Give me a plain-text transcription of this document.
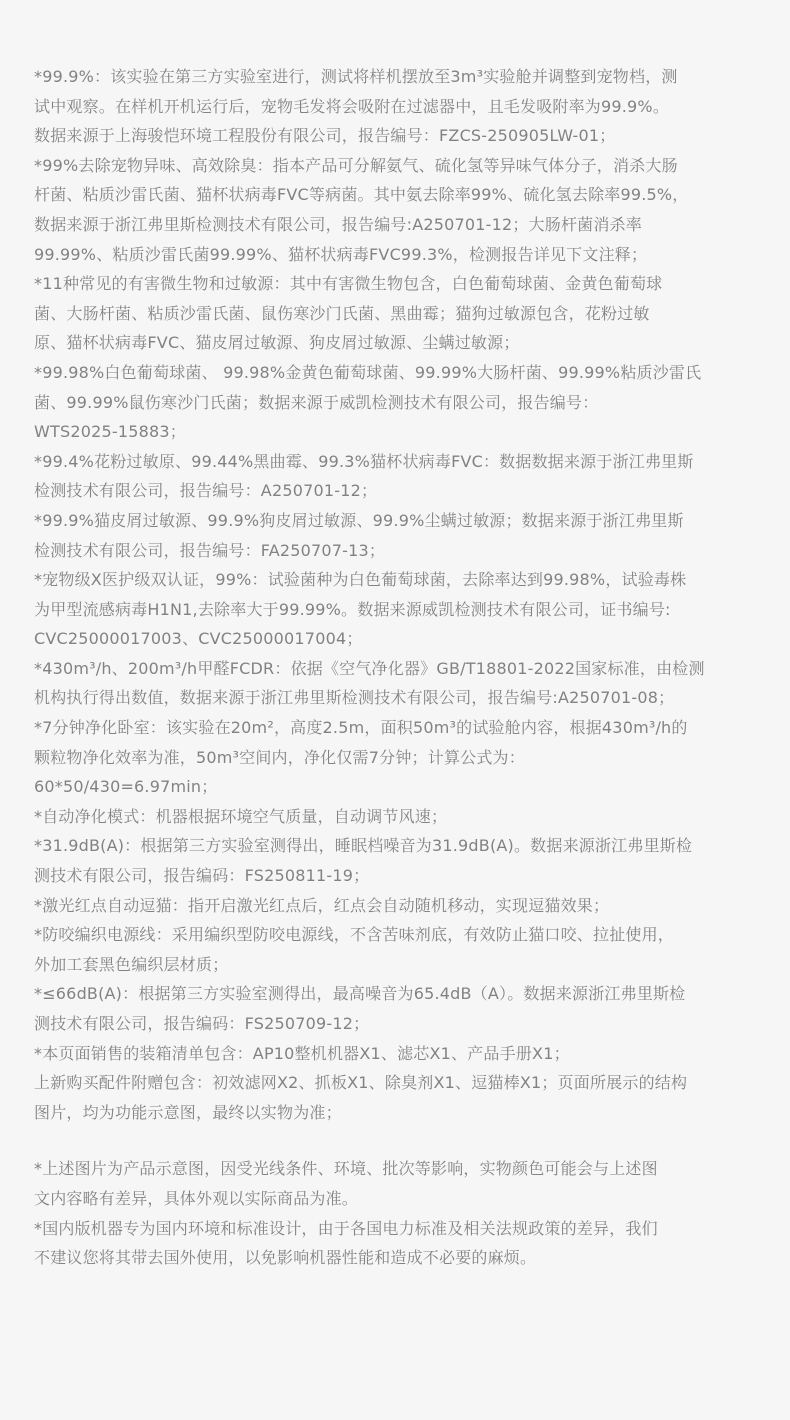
*99.9%：该实验在第三方实验室进行，测试将样机摆放至3m³实验舱并调整到宠物档，测
试中观察。在样机开机运行后，宠物毛发将会吸附在过滤器中，且毛发吸附率为99.9%。
数据来源于上海骏恺环境工程股份有限公司，报告编号：FZCS-250905LW-01；

*99%去除宠物异味、高效除臭：指本产品可分解氨气、硫化氢等异味气体分子，消杀大肠
杆菌、粘质沙雷氏菌、猫杯状病毒FVC等病菌。其中氨去除率99%、硫化氢去除率99.5%，
数据来源于浙江弗里斯检测技术有限公司，报告编号:A250701-12；大肠杆菌消杀率
99.99%、粘质沙雷氏菌99.99%、猫杯状病毒FVC99.3%，检测报告详见下文注释；

*11种常见的有害微生物和过敏源：其中有害微生物包含，白色葡萄球菌、金黄色葡萄球
菌、大肠杆菌、粘质沙雷氏菌、鼠伤寒沙门氏菌、黑曲霉；猫狗过敏源包含，花粉过敏
原、猫杯状病毒FVC、猫皮屑过敏源、狗皮屑过敏源、尘螨过敏源；

*99.98%白色葡萄球菌、 99.98%金黄色葡萄球菌、99.99%大肠杆菌、99.99%粘质沙雷氏
菌、99.99%鼠伤寒沙门氏菌；数据来源于威凯检测技术有限公司，报告编号：
WTS2025-15883；

*99.4%花粉过敏原、99.44%黑曲霉、99.3%猫杯状病毒FVC：数据数据来源于浙江弗里斯
检测技术有限公司，报告编号：A250701-12；

*99.9%猫皮屑过敏源、99.9%狗皮屑过敏源、99.9%尘螨过敏源；数据来源于浙江弗里斯
检测技术有限公司，报告编号：FA250707-13；

*宠物级X医护级双认证，99%：试验菌种为白色葡萄球菌，去除率达到99.98%，试验毒株
为甲型流感病毒H1N1,去除率大于99.99%。数据来源威凯检测技术有限公司，证书编号:
CVC25000017003、CVC25000017004；

*430m³/h、200m³/h甲醛FCDR：依据《空气净化器》GB/T18801-2022国家标准，由检测
机构执行得出数值，数据来源于浙江弗里斯检测技术有限公司，报告编号:A250701-08；

*7分钟净化卧室：该实验在20m²，高度2.5m，面积50m³的试验舱内容，根据430m³/h的
颗粒物净化效率为准，50m³空间内，净化仅需7分钟；计算公式为：
60*50/430=6.97min；

*自动净化模式：机器根据环境空气质量，自动调节风速；

*31.9dB(A)：根据第三方实验室测得出，睡眠档噪音为31.9dB(A)。数据来源浙江弗里斯检
测技术有限公司，报告编码：FS250811-19；

*激光红点自动逗猫：指开启激光红点后，红点会自动随机移动，实现逗猫效果；

*防咬编织电源线：采用编织型防咬电源线，不含苦味剂底，有效防止猫口咬、拉扯使用，
外加工套黑色编织层材质；

*≤66dB(A)：根据第三方实验室测得出，最高噪音为65.4dB（A）。数据来源浙江弗里斯检
测技术有限公司，报告编码：FS250709-12；

*本页面销售的装箱清单包含：AP10整机机器X1、滤芯X1、产品手册X1；

上新购买配件附赠包含：初效滤网X2、抓板X1、除臭剂X1、逗猫棒X1；页面所展示的结构
图片，均为功能示意图，最终以实物为准；

*上述图片为产品示意图，因受光线条件、环境、批次等影响，实物颜色可能会与上述图
文内容略有差异，具体外观以实际商品为准。

*国内版机器专为国内环境和标准设计，由于各国电力标准及相关法规政策的差异，我们
不建议您将其带去国外使用，以免影响机器性能和造成不必要的麻烦。
